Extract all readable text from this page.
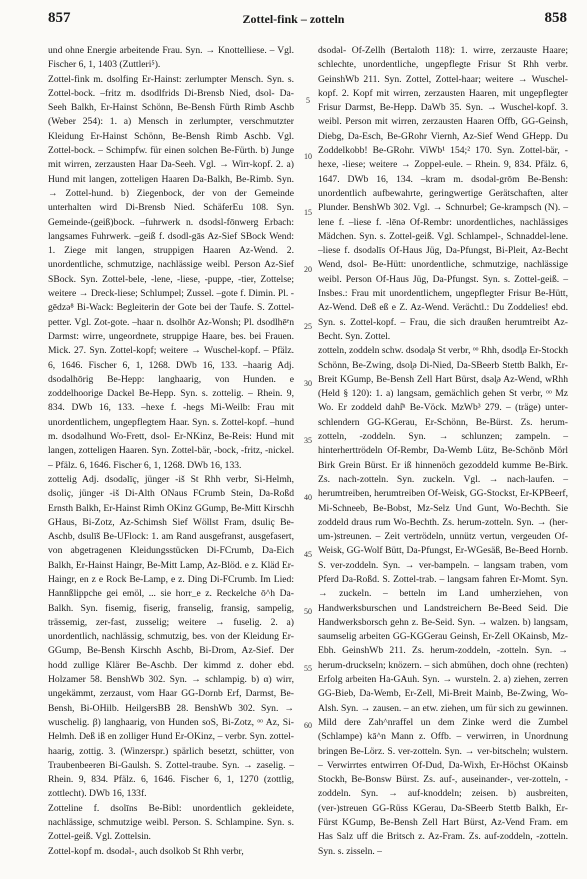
857	Zottel-fink – zotteln	858

und ohne Energie arbeitende Frau. Syn. → Knottelliese. – Vgl. Fischer 6, 1, 1403 (Zuttleri⁵).

Zottel-fink m. dsolfing Er-Hainst: zerlumpter Mensch. Syn. s. Zottel-bock. –fritz m. dsodlfrids Di-Brensb Nied, dsol- Da-Seeh Balkh, Er-Hainst Schönn, Be-Bensh Fürth Rimb Aschb (Weber 254): 1. a) Mensch in zerlumpter, verschmutzter Kleidung Er-Hainst Schönn, Be-Bensh Rimb Aschb. Vgl. Zottel-bock. – Schimpfw. für einen solchen Be-Fürth. b) Junge mit wirren, zerzausten Haar Da-Seeh. Vgl. → Wirr-kopf. 2. a) Hund mit langen, zotteligen Haaren Da-Balkh, Be-Rimb. Syn. → Zottel-hund. b) Ziegenbock, der von der Gemeinde unterhalten wird Di-Brensb Nied. SchäferEu 108. Syn. Gemeinde-(geiß)bock. –fuhrwerk n. dsodsl-fōnwerg Erbach: langsames Fuhrwerk. –geiß f. dsodl-gās Az-Sief SBock Wend: 1. Ziege mit langen, struppigen Haaren Az-Wend. 2. unordentliche, schmutzige, nachlässige weibl. Person Az-Sief SBock. Syn. Zottel-bele, -lene, -liese, -puppe, -tier, Zottelse; weitere → Dreck-liese; Schlumpel; Zussel. –gote f. Dimin. Pl. -gēdzə⁸ Bi-Wack: Begleiterin der Gote bei der Taufe. S. Zottel-petter. Vgl. Zot-gote. –haar n. dsolhōr Az-Wonsh; Pl. dsodlhēᵉn Darmst: wirre, ungeordnete, struppige Haare, bes. bei Frauen. Mick. 27. Syn. Zottel-kopf; weitere → Wuschel-kopf. – Pfälz. 6, 1646. Fischer 6, 1, 1268. DWb 16, 133. –haarig Adj. dsodəlhōrig Be-Hepp: langhaarig, von Hunden. e zoddelhoorige Dackel Be-Hepp. Syn. s. zottelig. – Rhein. 9, 834. DWb 16, 133. –hexe f. -hegs Mi-Weilb: Frau mit unordentlichem, ungepflegtem Haar. Syn. s. Zottel-kopf. –hund m. dsodəlhund Wo-Frett, dsol- Er-NKinz, Be-Reis: Hund mit langen, zotteligen Haaren. Syn. Zottel-bär, -bock, -fritz, -nickel. – Pfälz. 6, 1646. Fischer 6, 1, 1268. DWb 16, 133.

zottelig Adj. dsodəlīç, jünger -iš St Rhh verbr, Si-Helmh, dsoliç, jünger -iš Di-Alth ONaus FCrumb Stein, Da-Roßd Ernsth Balkh, Er-Hainst Rimh OKinz GGump, Be-Mitt Kirschh GHaus, Bi-Zotz, Az-Schimsh Sief Wöllst Fram, dsuliç Be-Aschb, dsulīš Be-UFlock: 1. am Rand ausgefranst, ausgefasert, von abgetragenen Kleidungsstücken Di-FCrumb, Da-Eich Balkh, Er-Hainst Haingr, Be-Mitt Lamp, Az-Blöd. e z. Kläd Er-Haingr, en z e Rock Be-Lamp, e z. Ding Di-FCrumb. Im Lied: Hannßlippche gei emöl, ... sie horr_e z. Reckelche ō^h Da-Balkh. Syn. fisemig, fiserig, franselig, fransig, sampelig, trässemig, zer-fast, zusselig; weitere → fuselig. 2. a) unordentlich, nachlässig, schmutzig, bes. von der Kleidung Er-GGump, Be-Bensh Kirschh Aschb, Bi-Drom, Az-Sief. Der hodd zullige Klärer Be-Aschb. Der kimmd z. doher ebd. Holzamer 58. BenshWb 302. Syn. → schlampig. b) α) wirr, ungekämmt, zerzaust, vom Haar GG-Dornb Erf, Darmst, Be-Bensh, Bi-OHilb. HeilgersBB 28. BenshWb 302. Syn. → wuschelig. β) langhaarig, von Hunden soS, Bi-Zotz, ᵒᵒ Az, Si-Helmh. Deß iß en zolliger Hund Er-OKinz, – verbr. Syn. zottel-haarig, zottig. 3. (Winzerspr.) spärlich besetzt, schütter, von Traubenbeeren Bi-Gaulsh. S. Zottel-traube. Syn. → zaselig. – Rhein. 9, 834. Pfälz. 6, 1646. Fischer 6, 1, 1270 (zottlig, zottlecht). DWb 16, 133f.

Zotteline f. dsolīns Be-Bibl: unordentlich gekleidete, nachlässige, schmutzige weibl. Person. S. Schlampine. Syn. s. Zottel-geiß. Vgl. Zottelsin.

Zottel-kopf m. dsodəl-, auch dsolkob St Rhh verbr,

5
10
15
20
25
30
35
40
45
50
55
60

dsodəl- Of-Zellh (Bertaloth 118): 1. wirre, zerzauste Haare; schlechte, unordentliche, ungepflegte Frisur St Rhh verbr. GeinshWb 211. Syn. Zottel, Zottel-haar; weitere → Wuschel-kopf. 2. Kopf mit wirren, zerzausten Haaren, mit ungepflegter Frisur Darmst, Be-Hepp. DaWb 35. Syn. → Wuschel-kopf. 3. weibl. Person mit wirren, zerzausten Haaren Offb, GG-Geinsh, Diebg, Da-Esch, Be-GRohr Viernh, Az-Sief Wend GHepp. Du Zoddelkobb! Be-GRohr. ViWb¹ 154;² 170. Syn. Zottel-bär, -hexe, -liese; weitere → Zoppel-eule. – Rhein. 9, 834. Pfälz. 6, 1647. DWb 16, 134. –kram m. dsodəl-grōm Be-Bensh: unordentlich aufbewahrte, geringwertige Gerätschaften, alter Plunder. BenshWb 302. Vgl. → Schnurbel; Ge-krampsch (N). –lene f. –liese f. -lēnə Of-Rembr: unordentliches, nachlässiges Mädchen. Syn. s. Zottel-geiß. Vgl. Schlampel-, Schnaddel-lene. –liese f. dsodəlīs Of-Haus Jüg, Da-Pfungst, Bi-Pleit, Az-Becht Wend, dsol- Be-Hütt: unordentliche, schmutzige, nachlässige weibl. Person Of-Haus Jüg, Da-Pfungst. Syn. s. Zottel-geiß. – Insbes.: Frau mit unordentlichem, ungepflegter Frisur Be-Hütt, Az-Wend. Deß eß e Z. Az-Wend. Verächtl.: Du Zoddelies! ebd. Syn. s. Zottel-kopf. – Frau, die sich draußen herumtreibt Az-Becht. Syn. Zottel.

zotteln, zoddeln schw. dsodəl̥ə St verbr, ᵒᵒ Rhh, dsodl̥ə Er-Stockh Schönn, Be-Zwing, dsol̥ə Di-Nied, Da-SBeerb Stettb Balkh, Er-Breit KGump, Be-Bensh Zell Hart Bürst, dsəl̥ə Az-Wend, wRhh (Held § 120): 1. a) langsam, gemächlich gehen St verbr, ᵒᵒ Mz Wo. Er zoddeld dahi̊ⁿ Be-Vöck. MzWb³ 279. – (träge) unterschlendern GG-KGerau, Er-Schönn, Be-Bürst. Zs. herum-zotteln, -zoddeln. Syn. → schlunzen; zampeln. – hinterherttrödeln Of-Rembr, Da-Wemb Lütz, Be-Schönb Mörl Birk Grein Bürst. Er iß hinnenöch gezoddeld kumme Be-Birk. Zs. nach-zotteln. Syn. zuckeln. Vgl. → nach-laufen. – herumtreiben, herumtreiben Of-Weisk, GG-Stockst, Er-KPBeerf, Mi-Schneeb, Be-Bobst, Mz-Selz Und Gunt, Wo-Bechth. Sie zoddeld draus rum Wo-Bechth. Zs. herum-zotteln. Syn. → (herum-)streunen. – Zeit vertrödeln, unnütz vertun, vergeuden Of-Weisk, GG-Wolf Bütt, Da-Pfungst, Er-WGesäß, Be-Beed Hornb. S. ver-zoddeln. Syn. → ver-bampeln. – langsam traben, vom Pferd Da-Roßd. S. Zottel-trab. – langsam fahren Er-Momt. Syn. → zuckeln. – betteln im Land umherziehen, von Handwerksburschen und Landstreichern Be-Beed Seid. Die Handwerksborsch gehn z. Be-Seid. Syn. → walzen. b) langsam, saumselig arbeiten GG-KGGerau Geinsh, Er-Zell OKainsb, Mz-Ebh. GeinshWb 211. Zs. herum-zoddeln, -zotteln. Syn. → herum-druckseln; knözern. – sich abmühen, doch ohne (rechten) Erfolg arbeiten Ha-GAuh. Syn. → wursteln. 2. a) ziehen, zerren GG-Bieb, Da-Wemb, Er-Zell, Mi-Breit Mainb, Be-Zwing, Wo-Alsh. Syn. → zausen. – an etw. ziehen, um für sich zu gewinnen. Mild dere Zah^nraffel un dem Zinke werd die Zumbel (Schlampe) kā^n Mann z. Offb. – verwirren, in Unordnung bringen Be-Lörz. S. ver-zotteln. Syn. → ver-bitscheln; wulstern. – Verwirrtes entwirren Of-Dud, Da-Wixh, Er-Höchst OKainsb Stockh, Be-Bonsw Bürst. Zs. auf-, auseinander-, ver-zotteln, -zoddeln. Syn. → auf-knoddeln; zeisen. b) ausbreiten, (ver-)streuen GG-Rüss KGerau, Da-SBeerb Stettb Balkh, Er-Fürst KGump, Be-Bensh Zell Hart Bürst, Az-Vend Fram. em Has Salz uff die Britsch z. Az-Fram. Zs. auf-zoddeln, -zotteln. Syn. s. zisseln. –
